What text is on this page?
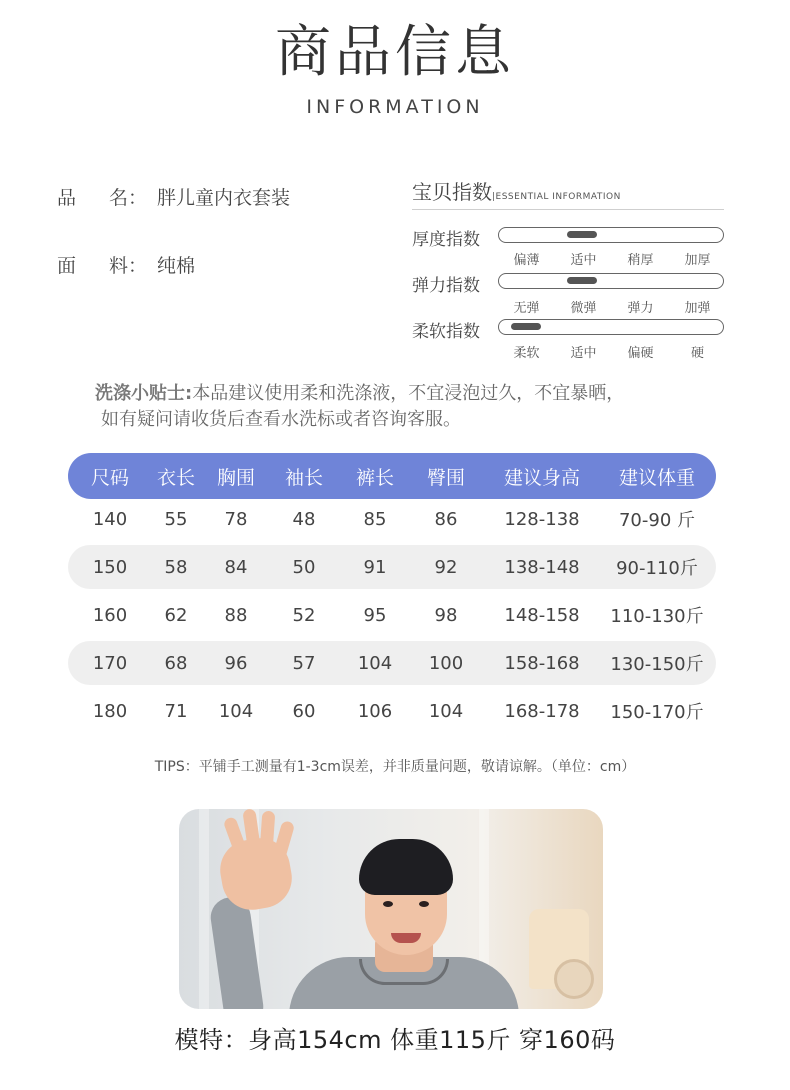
商品信息
INFORMATION
品 名： 胖儿童内衣套装
面 料： 纯棉
宝贝指数|ESSENTIAL INFORMATION
厚度指数
偏薄	适中	稍厚	加厚
弹力指数
无弹	微弹	弹力	加弹
柔软指数
柔软	适中	偏硬	硬
洗涤小贴士:本品建议使用柔和洗涤液，不宜浸泡过久，不宜暴晒，
如有疑问请收货后查看水洗标或者咨询客服。
尺码	衣长	胸围	袖长	裤长	臀围	建议身高	建议体重
140	55	78	48	85	86	128-138	70-90 斤
150	58	84	50	91	92	138-148	90-110斤
160	62	88	52	95	98	148-158	110-130斤
170	68	96	57	104	100	158-168	130-150斤
180	71	104	60	106	104	168-178	150-170斤
TIPS：平铺手工测量有1-3cm误差，并非质量问题，敬请谅解。（单位：cm）
模特：身高154cm 体重115斤 穿160码
